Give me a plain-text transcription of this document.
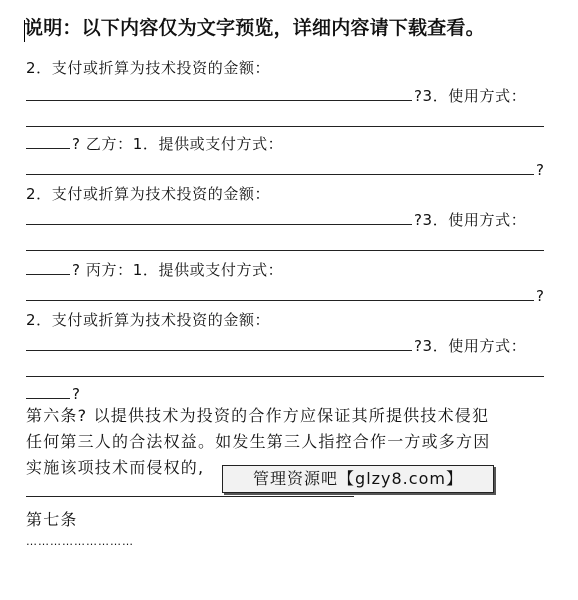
说明：以下内容仅为文字预览，详细内容请下载查看。
2．支付或折算为技术投资的金额：
?3．使用方式：
? 乙方：1．提供或支付方式：
?
2．支付或折算为技术投资的金额：
?3．使用方式：
? 丙方：1．提供或支付方式：
?
2．支付或折算为技术投资的金额：
?3．使用方式：
?
第六条? 以提供技术为投资的合作方应保证其所提供技术侵犯
任何第三人的合法权益。如发生第三人指控合作一方或多方因
实施该项技术而侵权的,
管理资源吧【glzy8.com】
第七条
………………………
